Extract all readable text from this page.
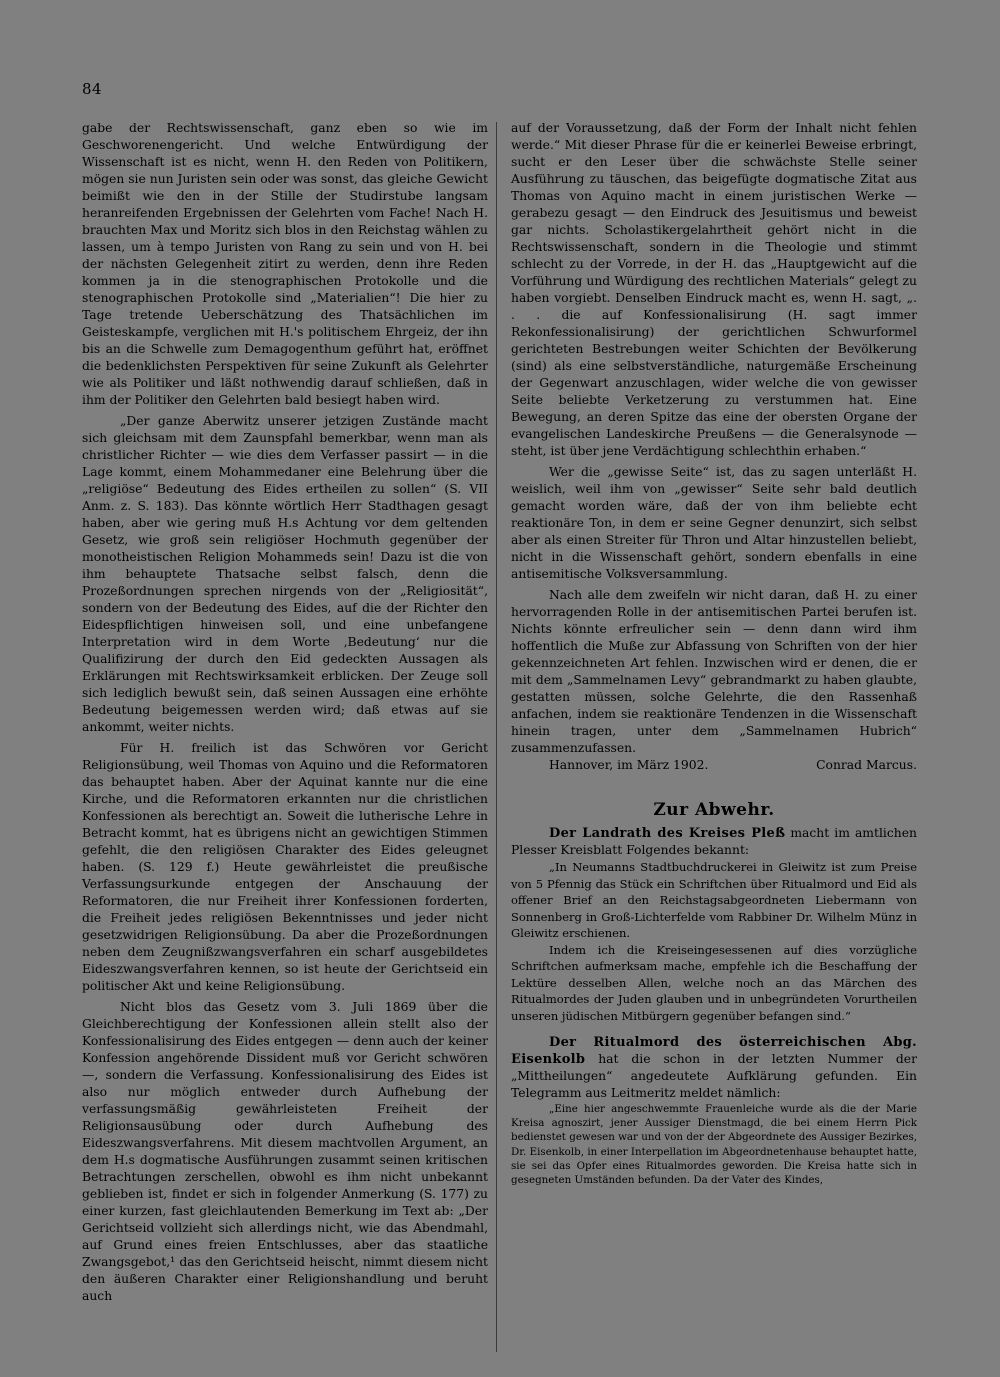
84

gabe der Rechtswissenschaft, ganz eben so wie im Geschworenengericht. Und welche Entwürdigung der Wissenschaft ist es nicht, wenn H. den Reden von Politikern, mögen sie nun Juristen sein oder was sonst, das gleiche Gewicht beimißt wie den in der Stille der Studirstube langsam heranreifenden Ergebnissen der Gelehrten vom Fache! Nach H. brauchten Max und Moritz sich blos in den Reichstag wählen zu lassen, um à tempo Juristen von Rang zu sein und von H. bei der nächsten Gelegenheit zitirt zu werden, denn ihre Reden kommen ja in die stenographischen Protokolle und die stenographischen Protokolle sind „Materialien“! Die hier zu Tage tretende Ueberschätzung des Thatsächlichen im Geisteskampfe, verglichen mit H.'s politischem Ehrgeiz, der ihn bis an die Schwelle zum Demagogenthum geführt hat, eröffnet die bedenklichsten Perspektiven für seine Zukunft als Gelehrter wie als Politiker und läßt nothwendig darauf schließen, daß in ihm der Politiker den Gelehrten bald besiegt haben wird.

„Der ganze Aberwitz unserer jetzigen Zustände macht sich gleichsam mit dem Zaunspfahl bemerkbar, wenn man als christlicher Richter — wie dies dem Verfasser passirt — in die Lage kommt, einem Mohammedaner eine Belehrung über die „religiöse“ Bedeutung des Eides ertheilen zu sollen“ (S. VII Anm. z. S. 183). Das könnte wörtlich Herr Stadthagen gesagt haben, aber wie gering muß H.s Achtung vor dem geltenden Gesetz, wie groß sein religiöser Hochmuth gegenüber der monotheistischen Religion Mohammeds sein! Dazu ist die von ihm behauptete Thatsache selbst falsch, denn die Prozeßordnungen sprechen nirgends von der „Religiosität“, sondern von der Bedeutung des Eides, auf die der Richter den Eidespflichtigen hinweisen soll, und eine unbefangene Interpretation wird in dem Worte ‚Bedeutung‘ nur die Qualifizirung der durch den Eid gedeckten Aussagen als Erklärungen mit Rechtswirksamkeit erblicken. Der Zeuge soll sich lediglich bewußt sein, daß seinen Aussagen eine erhöhte Bedeutung beigemessen werden wird; daß etwas auf sie ankommt, weiter nichts.

Für H. freilich ist das Schwören vor Gericht Religionsübung, weil Thomas von Aquino und die Reformatoren das behauptet haben. Aber der Aquinat kannte nur die eine Kirche, und die Reformatoren erkannten nur die christlichen Konfessionen als berechtigt an. Soweit die lutherische Lehre in Betracht kommt, hat es übrigens nicht an gewichtigen Stimmen gefehlt, die den religiösen Charakter des Eides geleugnet haben. (S. 129 f.) Heute gewährleistet die preußische Verfassungsurkunde entgegen der Anschauung der Reformatoren, die nur Freiheit ihrer Konfessionen forderten, die Freiheit jedes religiösen Bekenntnisses und jeder nicht gesetzwidrigen Religionsübung. Da aber die Prozeßordnungen neben dem Zeugnißzwangsverfahren ein scharf ausgebildetes Eideszwangsverfahren kennen, so ist heute der Gerichtseid ein politischer Akt und keine Religionsübung.

Nicht blos das Gesetz vom 3. Juli 1869 über die Gleichberechtigung der Konfessionen allein stellt also der Konfessionalisirung des Eides entgegen — denn auch der keiner Konfession angehörende Dissident muß vor Gericht schwören —, sondern die Verfassung. Konfessionalisirung des Eides ist also nur möglich entweder durch Aufhebung der verfassungsmäßig gewährleisteten Freiheit der Religionsausübung oder durch Aufhebung des Eideszwangsverfahrens. Mit diesem machtvollen Argument, an dem H.s dogmatische Ausführungen zusammt seinen kritischen Betrachtungen zerschellen, obwohl es ihm nicht unbekannt geblieben ist, findet er sich in folgender Anmerkung (S. 177) zu einer kurzen, fast gleichlautenden Bemerkung im Text ab: „Der Gerichtseid vollzieht sich allerdings nicht, wie das Abendmahl, auf Grund eines freien Entschlusses, aber das staatliche Zwangsgebot,¹ das den Gerichtseid heischt, nimmt diesem nicht den äußeren Charakter einer Religionshandlung und beruht auch

auf der Voraussetzung, daß der Form der Inhalt nicht fehlen werde.“ Mit dieser Phrase für die er keinerlei Beweise erbringt, sucht er den Leser über die schwächste Stelle seiner Ausführung zu täuschen, das beigefügte dogmatische Zitat aus Thomas von Aquino macht in einem juristischen Werke — gerabezu gesagt — den Eindruck des Jesuitismus und beweist gar nichts. Scholastikergelahrtheit gehört nicht in die Rechtswissenschaft, sondern in die Theologie und stimmt schlecht zu der Vorrede, in der H. das „Hauptgewicht auf die Vorführung und Würdigung des rechtlichen Materials“ gelegt zu haben vorgiebt. Denselben Eindruck macht es, wenn H. sagt, „. . . die auf Konfessionalisirung (H. sagt immer Rekonfessionalisirung) der gerichtlichen Schwurformel gerichteten Bestrebungen weiter Schichten der Bevölkerung (sind) als eine selbstverständliche, naturgemäße Erscheinung der Gegenwart anzuschlagen, wider welche die von gewisser Seite beliebte Verketzerung zu verstummen hat. Eine Bewegung, an deren Spitze das eine der obersten Organe der evangelischen Landeskirche Preußens — die Generalsynode — steht, ist über jene Verdächtigung schlechthin erhaben.“

Wer die „gewisse Seite“ ist, das zu sagen unterläßt H. weislich, weil ihm von „gewisser“ Seite sehr bald deutlich gemacht worden wäre, daß der von ihm beliebte echt reaktionäre Ton, in dem er seine Gegner denunzirt, sich selbst aber als einen Streiter für Thron und Altar hinzustellen beliebt, nicht in die Wissenschaft gehört, sondern ebenfalls in eine antisemitische Volksversammlung.

Nach alle dem zweifeln wir nicht daran, daß H. zu einer hervorragenden Rolle in der antisemitischen Partei berufen ist. Nichts könnte erfreulicher sein — denn dann wird ihm hoffentlich die Muße zur Abfassung von Schriften von der hier gekennzeichneten Art fehlen. Inzwischen wird er denen, die er mit dem „Sammelnamen Levy“ gebrandmarkt zu haben glaubte, gestatten müssen, solche Gelehrte, die den Rassenhaß anfachen, indem sie reaktionäre Tendenzen in die Wissenschaft hinein tragen, unter dem „Sammelnamen Hubrich“ zusammenzufassen.

Hannover, im März 1902.	Conrad Marcus.

Zur Abwehr.

Der Landrath des Kreises Pleß macht im amtlichen Plesser Kreisblatt Folgendes bekannt:

„In Neumanns Stadtbuchdruckerei in Gleiwitz ist zum Preise von 5 Pfennig das Stück ein Schriftchen über Ritualmord und Eid als offener Brief an den Reichstagsabgeordneten Liebermann von Sonnenberg in Groß-Lichterfelde vom Rabbiner Dr. Wilhelm Münz in Gleiwitz erschienen.

Indem ich die Kreiseingesessenen auf dies vorzügliche Schriftchen aufmerksam mache, empfehle ich die Beschaffung der Lektüre desselben Allen, welche noch an das Märchen des Ritualmordes der Juden glauben und in unbegründeten Vorurtheilen unseren jüdischen Mitbürgern gegenüber befangen sind.“

Der Ritualmord des österreichischen Abg. Eisenkolb hat die schon in der letzten Nummer der „Mittheilungen“ angedeutete Aufklärung gefunden. Ein Telegramm aus Leitmeritz meldet nämlich:

„Eine hier angeschwemmte Frauenleiche wurde als die der Marie Kreisa agnoszirt, jener Aussiger Dienstmagd, die bei einem Herrn Pick bedienstet gewesen war und von der der Abgeordnete des Aussiger Bezirkes, Dr. Eisenkolb, in einer Interpellation im Abgeordnetenhause behauptet hatte, sie sei das Opfer eines Ritualmordes geworden. Die Kreisa hatte sich in gesegneten Umständen befunden. Da der Vater des Kindes,
